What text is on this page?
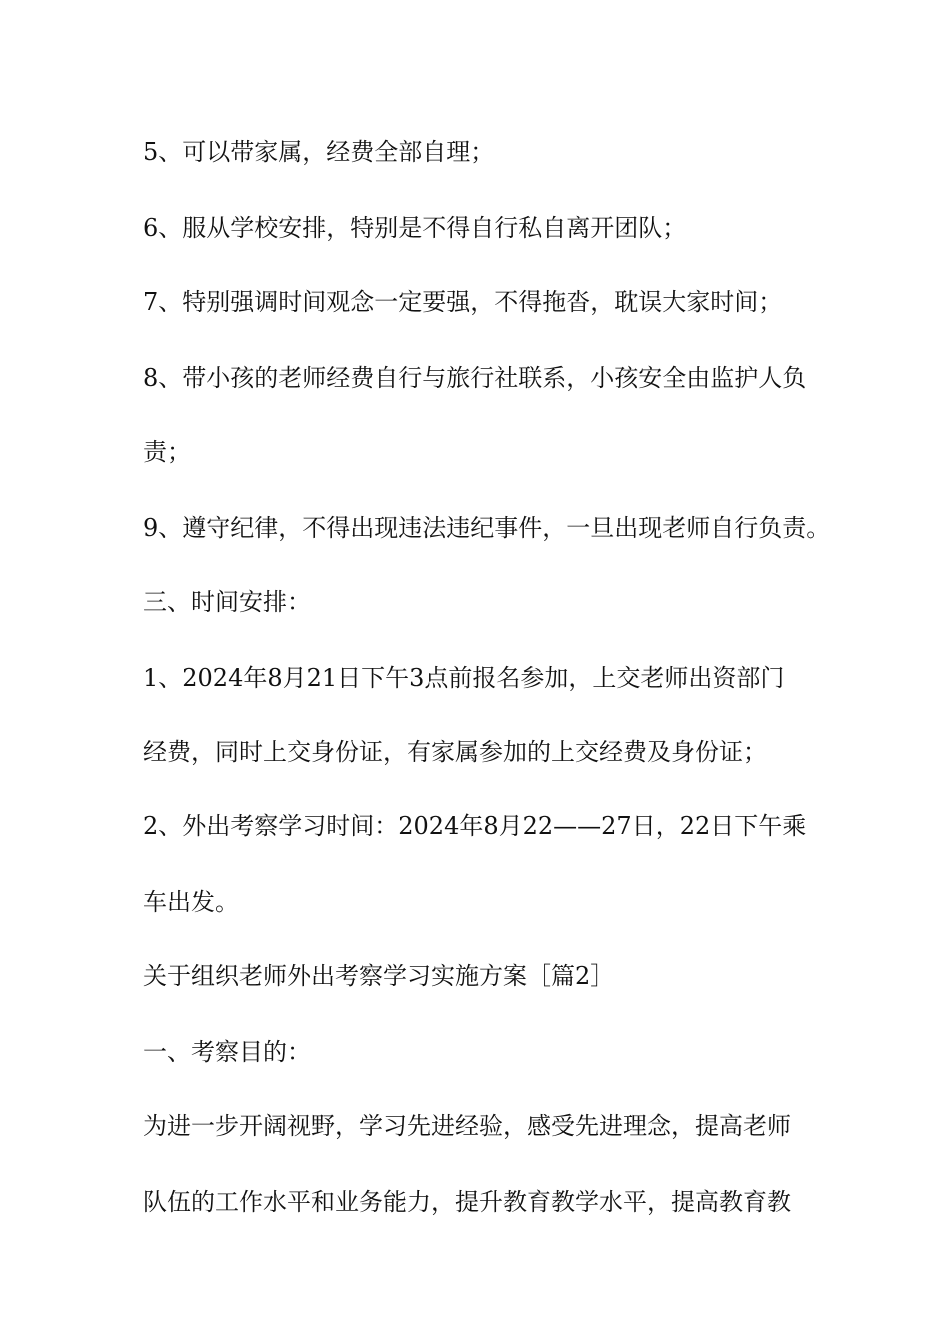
5、可以带家属，经费全部自理；
6、服从学校安排，特别是不得自行私自离开团队；
7、特别强调时间观念一定要强，不得拖沓，耽误大家时间；
8、带小孩的老师经费自行与旅行社联系，小孩安全由监护人负
责；
9、遵守纪律，不得出现违法违纪事件，一旦出现老师自行负责。
三、时间安排：
1、2024年8月21日下午3点前报名参加，上交老师出资部门
经费，同时上交身份证，有家属参加的上交经费及身份证；
2、外出考察学习时间：2024年8月22——27日，22日下午乘
车出发。
关于组织老师外出考察学习实施方案［篇2］
一、考察目的：
为进一步开阔视野，学习先进经验，感受先进理念，提高老师
队伍的工作水平和业务能力，提升教育教学水平，提高教育教
